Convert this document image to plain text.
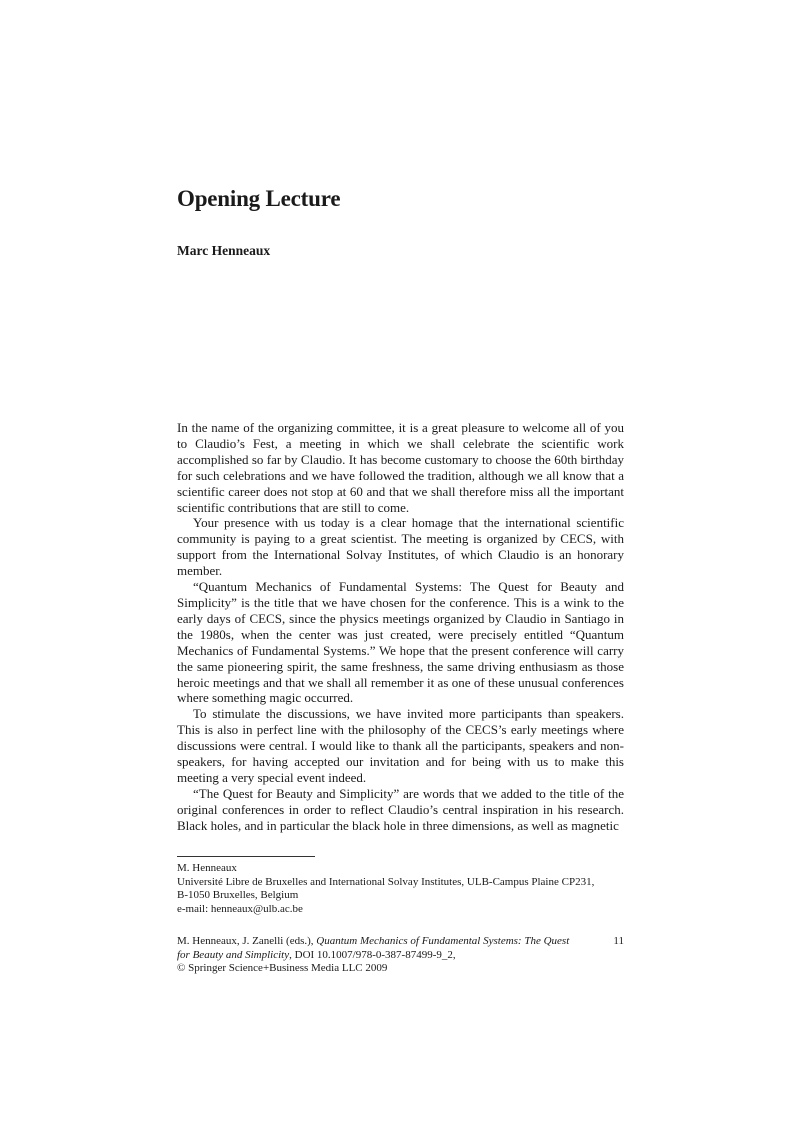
Opening Lecture

Marc Henneaux

In the name of the organizing committee, it is a great pleasure to welcome all of you to Claudio’s Fest, a meeting in which we shall celebrate the scientific work accomplished so far by Claudio. It has become customary to choose the 60th birthday for such celebrations and we have followed the tradition, although we all know that a scientific career does not stop at 60 and that we shall therefore miss all the important scientific contributions that are still to come.

Your presence with us today is a clear homage that the international scientific community is paying to a great scientist. The meeting is organized by CECS, with support from the International Solvay Institutes, of which Claudio is an honorary member.

“Quantum Mechanics of Fundamental Systems: The Quest for Beauty and Simplicity” is the title that we have chosen for the conference. This is a wink to the early days of CECS, since the physics meetings organized by Claudio in Santiago in the 1980s, when the center was just created, were precisely entitled “Quantum Mechanics of Fundamental Systems.” We hope that the present conference will carry the same pioneering spirit, the same freshness, the same driving enthusiasm as those heroic meetings and that we shall all remember it as one of these unusual conferences where something magic occurred.

To stimulate the discussions, we have invited more participants than speakers. This is also in perfect line with the philosophy of the CECS’s early meetings where discussions were central. I would like to thank all the participants, speakers and non-speakers, for having accepted our invitation and for being with us to make this meeting a very special event indeed.

“The Quest for Beauty and Simplicity” are words that we added to the title of the original conferences in order to reflect Claudio’s central inspiration in his research. Black holes, and in particular the black hole in three dimensions, as well as magnetic

M. Henneaux
Université Libre de Bruxelles and International Solvay Institutes, ULB-Campus Plaine CP231,
B-1050 Bruxelles, Belgium
e-mail: henneaux@ulb.ac.be
M. Henneaux, J. Zanelli (eds.), Quantum Mechanics of Fundamental Systems: The Quest
for Beauty and Simplicity, DOI 10.1007/978-0-387-87499-9_2,
© Springer Science+Business Media LLC 2009
11
